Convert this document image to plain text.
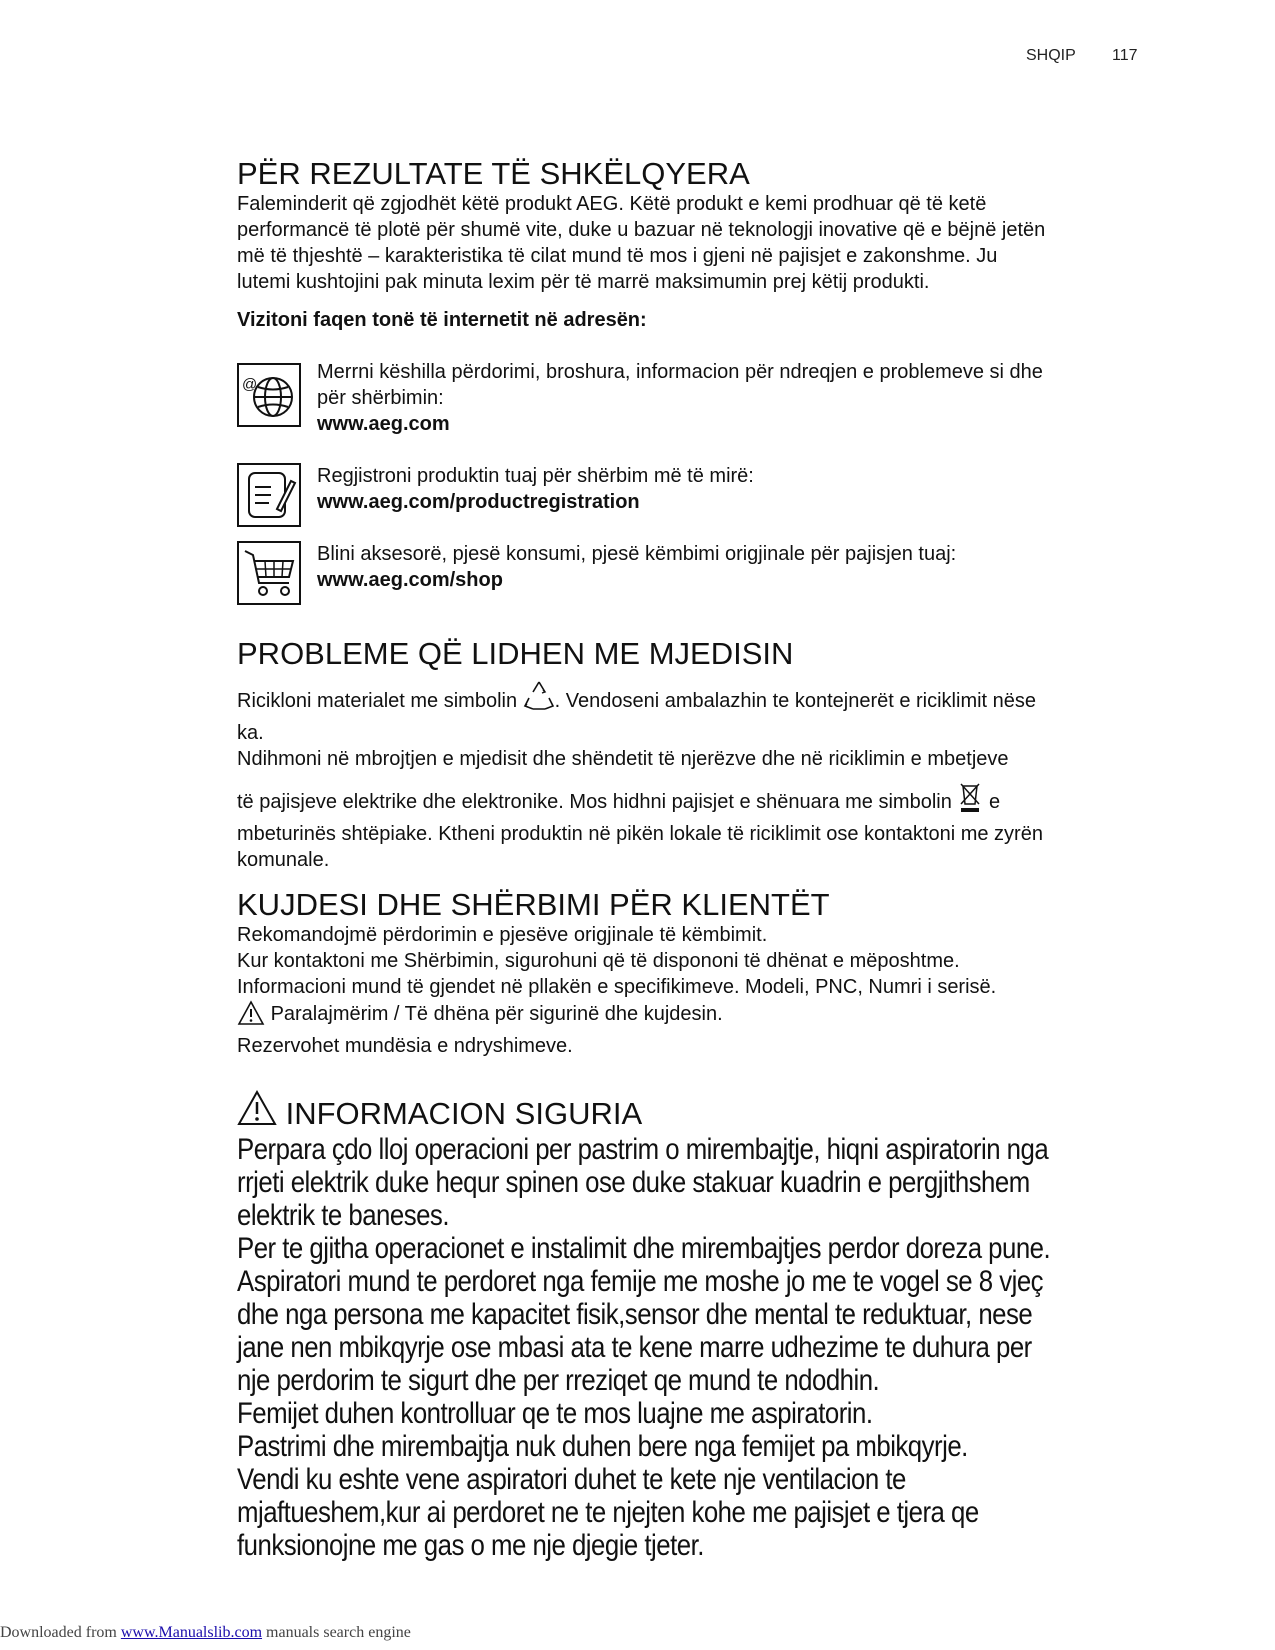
SHQIP 117
PËR REZULTATE TË SHKËLQYERA

Faleminderit që zgjodhët këtë produkt AEG. Këtë produkt e kemi prodhuar që të ketë

performancë të plotë për shumë vite, duke u bazuar në teknologji inovative që e bëjnë jetën

më të thjeshtë – karakteristika të cilat mund të mos i gjeni në pajisjet e zakonshme. Ju

lutemi kushtojini pak minuta lexim për të marrë maksimumin prej këtij produkti.

Vizitoni faqen tonë të internetit në adresën:

@
Merrni këshilla përdorimi, broshura, informacion për ndreqjen e problemeve si dhe
për shërbimin:
www.aeg.com
Regjistroni produktin tuaj për shërbim më të mirë:
www.aeg.com/productregistration
Blini aksesorë, pjesë konsumi, pjesë këmbimi origjinale për pajisjen tuaj:
www.aeg.com/shop
PROBLEME QË LIDHEN ME MJEDISIN

Ricikloni materialet me simbolin . Vendoseni ambalazhin te kontejnerët e riciklimit nëse

ka.

Ndihmoni në mbrojtjen e mjedisit dhe shëndetit të njerëzve dhe në riciklimin e mbetjeve

të pajisjeve elektrike dhe elektronike. Mos hidhni pajisjet e shënuara me simbolin  e

mbeturinës shtëpiake. Ktheni produktin në pikën lokale të riciklimit ose kontaktoni me zyrën

komunale.

KUJDESI DHE SHËRBIMI PËR KLIENTËT

Rekomandojmë përdorimin e pjesëve origjinale të këmbimit.

Kur kontaktoni me Shërbimin, sigurohuni që të dispononi të dhënat e mëposhtme.

Informacioni mund të gjendet në pllakën e specifikimeve. Modeli, PNC, Numri i serisë.

Paralajmërim / Të dhëna për sigurinë dhe kujdesin.

Rezervohet mundësia e ndryshimeve.

INFORMACION SIGURIA

Perpara çdo lloj operacioni per pastrim o mirembajtje, hiqni aspiratorin nga

rrjeti elektrik duke hequr spinen ose duke stakuar kuadrin e pergjithshem

elektrik te baneses.

Per te gjitha operacionet e instalimit dhe mirembajtjes perdor doreza pune.

Aspiratori mund te perdoret nga femije me moshe jo me te vogel se 8 vjeç

dhe nga persona me kapacitet fisik,sensor dhe mental te reduktuar, nese

jane nen mbikqyrje ose mbasi ata te kene marre udhezime te duhura per

nje perdorim te sigurt dhe per rreziqet qe mund te ndodhin.

Femijet duhen kontrolluar qe te mos luajne me aspiratorin.

Pastrimi dhe mirembajtja nuk duhen bere nga femijet pa mbikqyrje.

Vendi ku eshte vene aspiratori duhet te kete nje ventilacion te

mjaftueshem,kur ai perdoret ne te njejten kohe me pajisjet e tjera qe

funksionojne me gas o me nje djegie tjeter.

Downloaded from www.Manualslib.com manuals search engine
